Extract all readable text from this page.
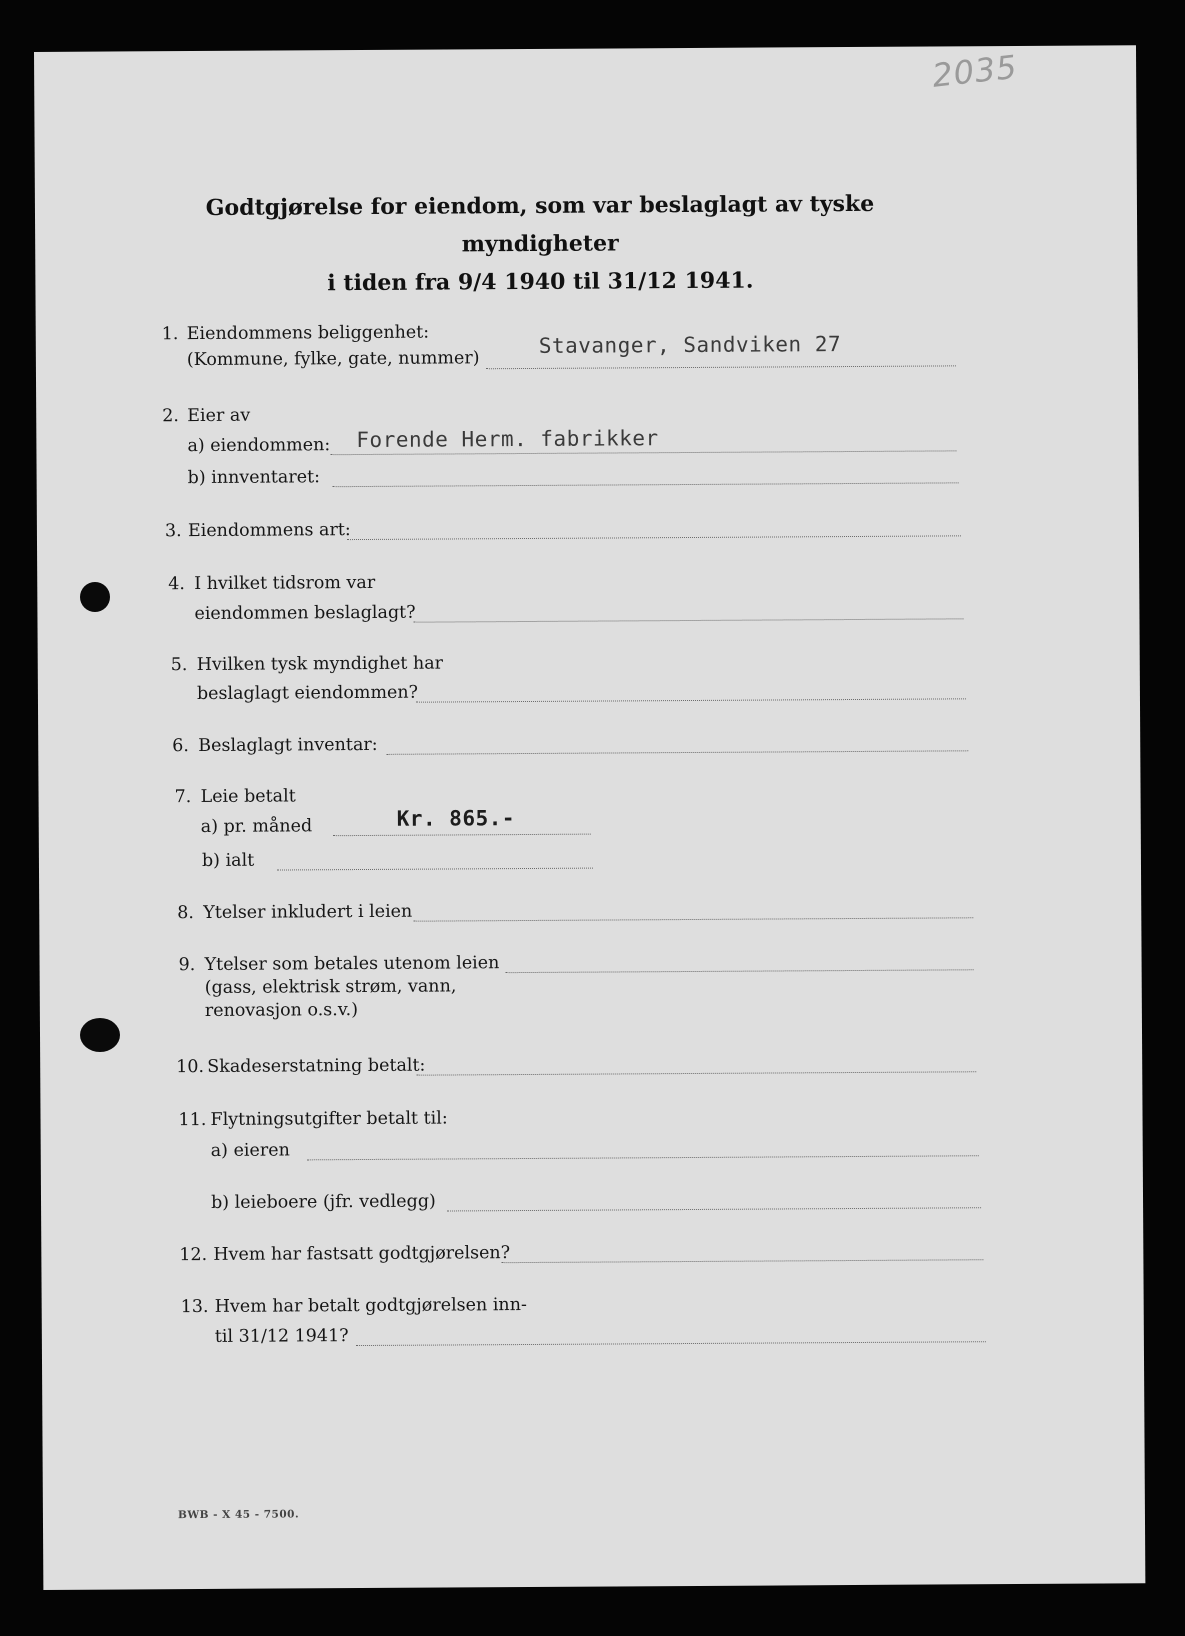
2035
Godtgjørelse for eiendom, som var beslaglagt av tyske myndigheter
i tiden fra 9/4 1940 til 31/12 1941.
1. Eiendommens beliggenhet:
(Kommune, fylke, gate, nummer)
Stavanger, Sandviken 27
2. Eier av
a) eiendommen: Forende Herm. fabrikker
b) innventaret:
3. Eiendommens art:
4. I hvilket tidsrom var
eiendommen beslaglagt?
5. Hvilken tysk myndighet har
beslaglagt eiendommen?
6. Beslaglagt inventar:
7. Leie betalt
a) pr. måned	Kr. 865.-
b) ialt
8. Ytelser inkludert i leien
9. Ytelser som betales utenom leien
(gass, elektrisk strøm, vann,
renovasjon o.s.v.)
10. Skadeserstatning betalt:
11. Flytningsutgifter betalt til:
a) eieren
b) leieboere (jfr. vedlegg)
12. Hvem har fastsatt godtgjørelsen?
13. Hvem har betalt godtgjørelsen inn-
til 31/12 1941?
BWB - X 45 - 7500.
